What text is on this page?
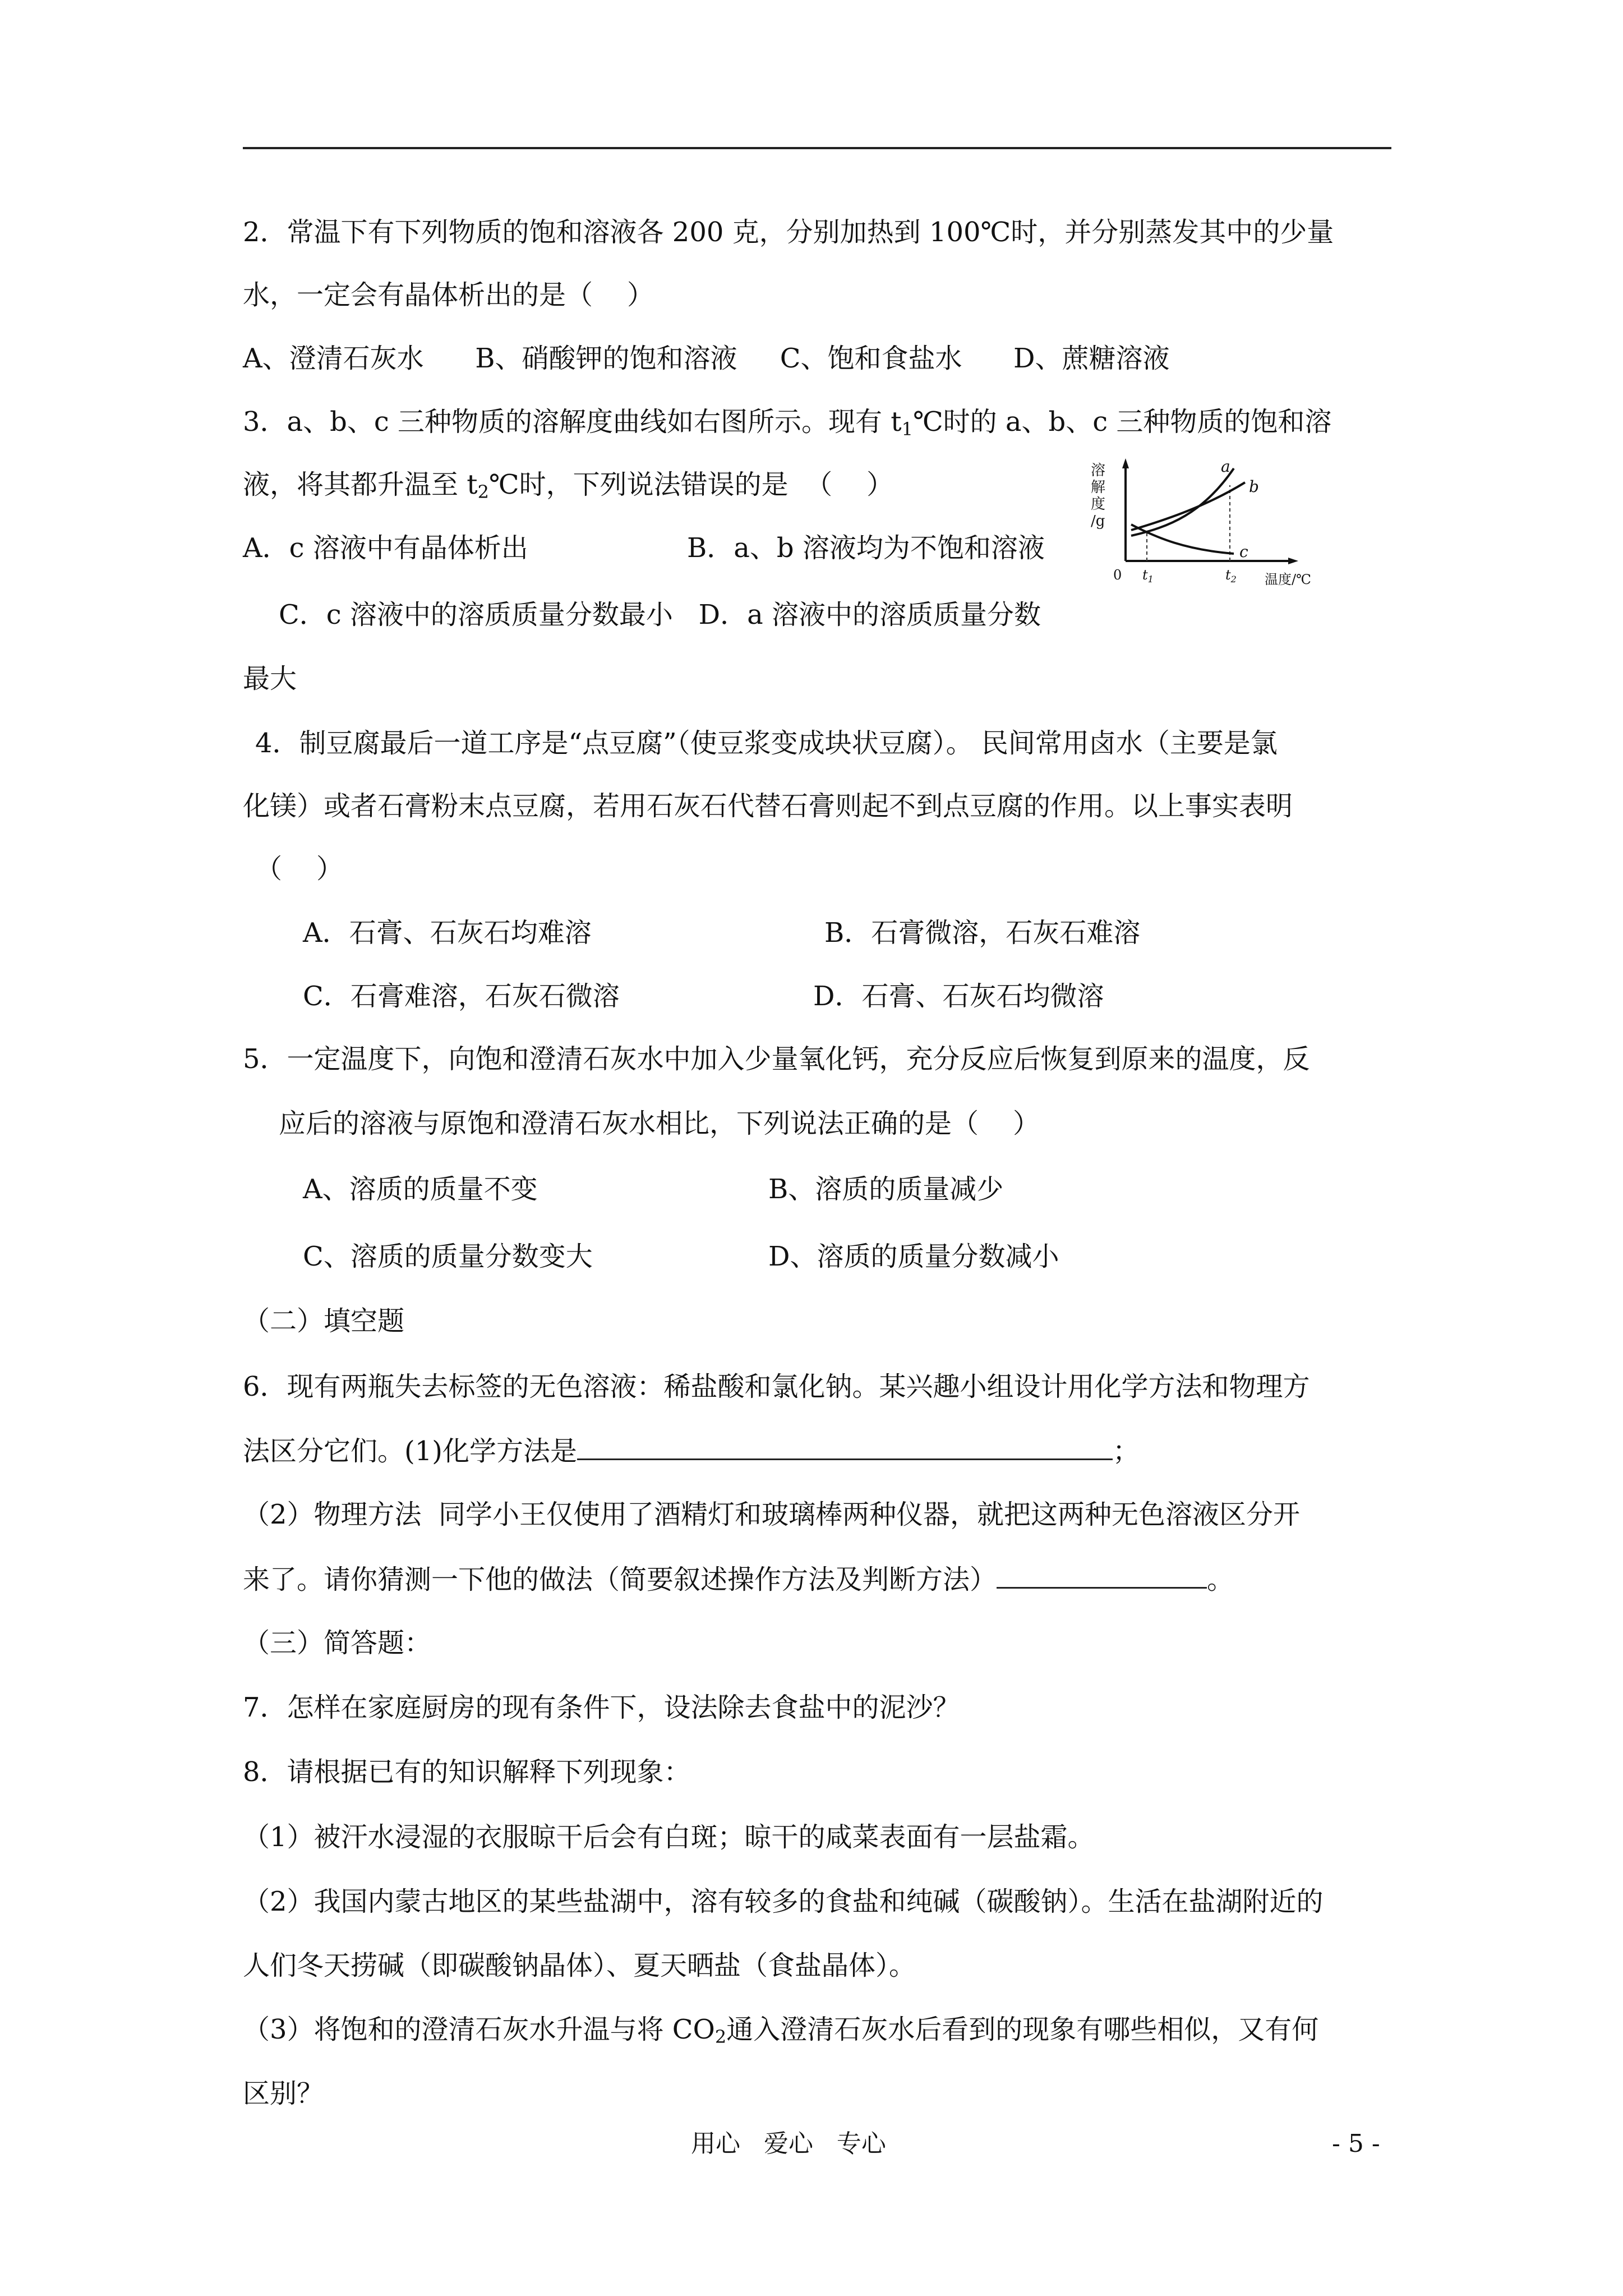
2．常温下有下列物质的饱和溶液各 200 克，分别加热到 100℃时，并分别蒸发其中的少量
水，一定会有晶体析出的是（    ）
A、澄清石灰水      B、硝酸钾的饱和溶液     C、饱和食盐水      D、蔗糖溶液
3．a、b、c 三种物质的溶解度曲线如右图所示。现有 $t_1℃$时的 a、b、c 三种物质的饱和溶
液，将其都升温至 $t_2℃$时，下列说法错误的是  （    ）
A．c 溶液中有晶体析出	B．a、b 溶液均为不饱和溶液
C．c 溶液中的溶质质量分数最小   D．a 溶液中的溶质质量分数
最大
溶
解
度
/g
a
b
c
0 $t_1$	$t_2$ 温度/℃
4．制豆腐最后一道工序是“点豆腐”（使豆浆变成块状豆腐）。 民间常用卤水（主要是氯
化镁）或者石膏粉末点豆腐，若用石灰石代替石膏则起不到点豆腐的作用。以上事实表明
（    ）
A．石膏、石灰石均难溶	B．石膏微溶，石灰石难溶
C．石膏难溶，石灰石微溶	D．石膏、石灰石均微溶
5．一定温度下，向饱和澄清石灰水中加入少量氧化钙，充分反应后恢复到原来的温度，反
应后的溶液与原饱和澄清石灰水相比，下列说法正确的是（    ）
A、溶质的质量不变	B、溶质的质量减少
C、溶质的质量分数变大	D、溶质的质量分数减小
（二）填空题
6．现有两瓶失去标签的无色溶液：稀盐酸和氯化钠。某兴趣小组设计用化学方法和物理方
法区分它们。(1)化学方法是	；
（2）物理方法  同学小王仅使用了酒精灯和玻璃棒两种仪器，就把这两种无色溶液区分开
来了。请你猜测一下他的做法（简要叙述操作方法及判断方法）	。
（三）简答题：
7．怎样在家庭厨房的现有条件下，设法除去食盐中的泥沙？
8．请根据已有的知识解释下列现象：
（1）被汗水浸湿的衣服晾干后会有白斑；晾干的咸菜表面有一层盐霜。
（2）我国内蒙古地区的某些盐湖中，溶有较多的食盐和纯碱（碳酸钠）。生活在盐湖附近的
人们冬天捞碱（即碳酸钠晶体）、夏天晒盐（食盐晶体）。
（3）将饱和的澄清石灰水升温与将 $CO_2$通入澄清石灰水后看到的现象有哪些相似，又有何
区别？
用心   爱心   专心	- 5 -
